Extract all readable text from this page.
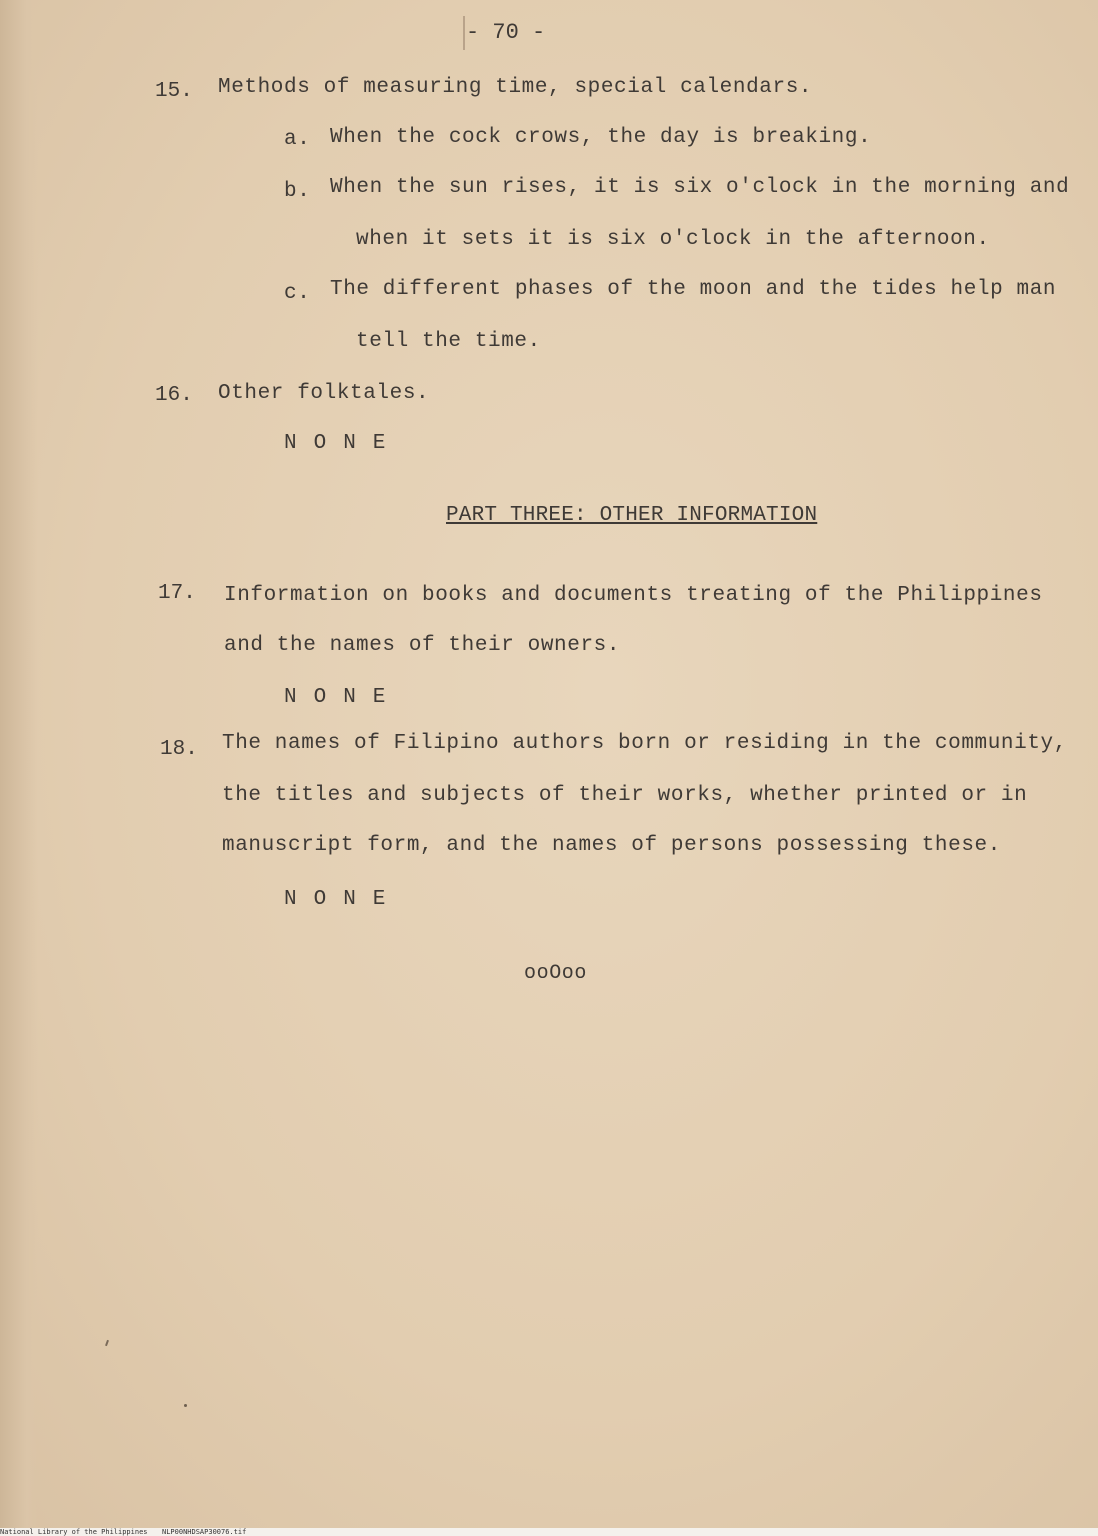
- 70 -
15. Methods of measuring time, special calendars.
a. When the cock crows, the day is breaking.
b. When the sun rises, it is six o'clock in the morning and
when it sets it is six o'clock in the afternoon.
c. The different phases of the moon and the tides help man
tell the time.
16. Other folktales.
NONE
PART THREE: OTHER INFORMATION
17. Information on books and documents treating of the Philippines
and the names of their owners.
NONE
18. The names of Filipino authors born or residing in the community,
the titles and subjects of their works, whether printed or in
manuscript form, and the names of persons possessing these.
NONE
ooOoo
National Library of the Philippines NLP00NHDSAP30076.tif
